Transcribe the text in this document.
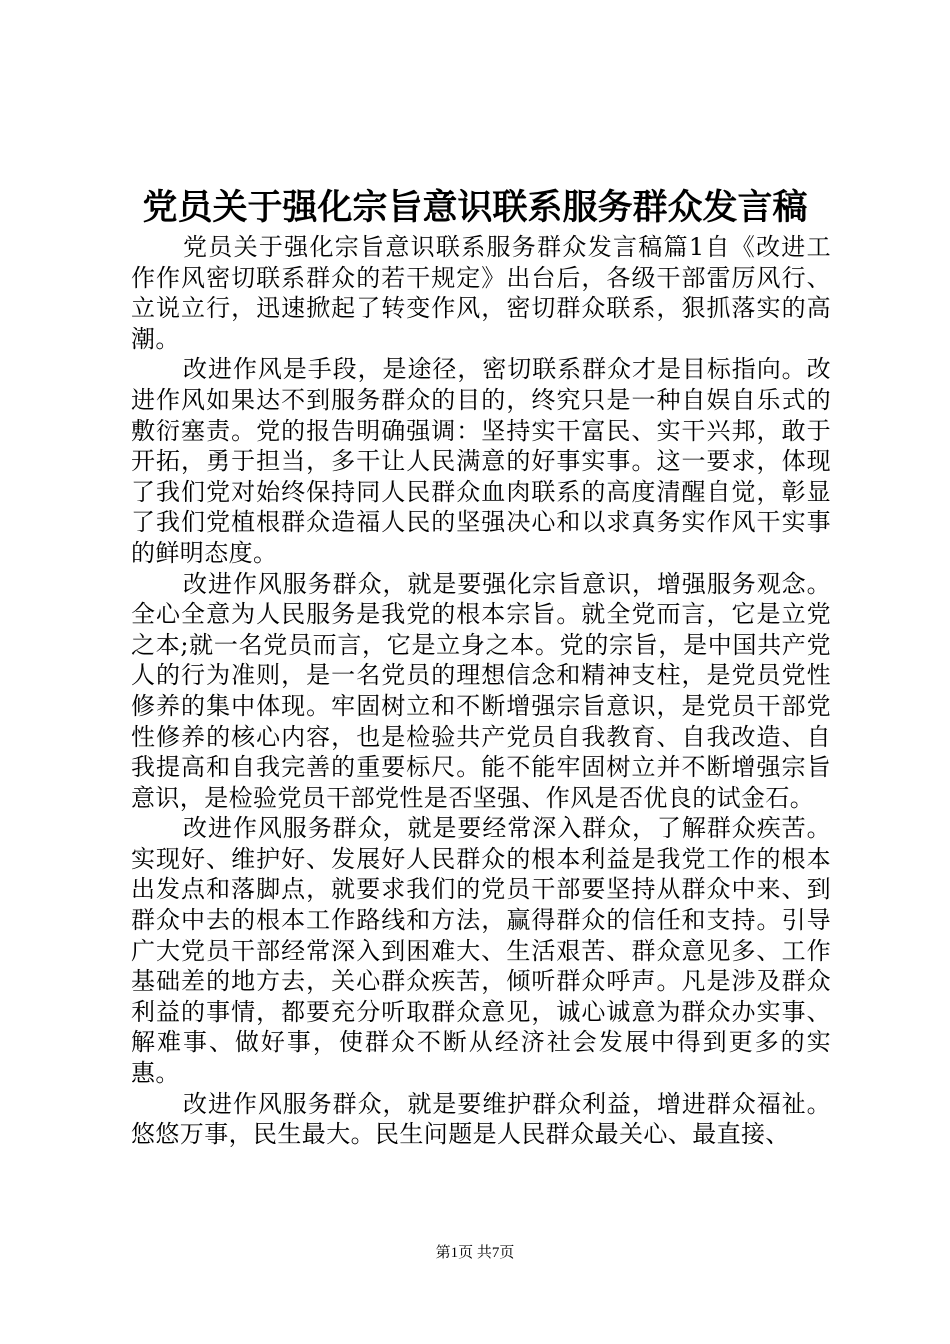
党员关于强化宗旨意识联系服务群众发言稿

党员关于强化宗旨意识联系服务群众发言稿篇1自《改进工作作风密切联系群众的若干规定》出台后，各级干部雷厉风行、立说立行，迅速掀起了转变作风，密切群众联系，狠抓落实的高潮。

改进作风是手段，是途径，密切联系群众才是目标指向。改进作风如果达不到服务群众的目的，终究只是一种自娱自乐式的敷衍塞责。党的报告明确强调：坚持实干富民、实干兴邦，敢于开拓，勇于担当，多干让人民满意的好事实事。这一要求，体现了我们党对始终保持同人民群众血肉联系的高度清醒自觉，彰显了我们党植根群众造福人民的坚强决心和以求真务实作风干实事的鲜明态度。

改进作风服务群众，就是要强化宗旨意识，增强服务观念。全心全意为人民服务是我党的根本宗旨。就全党而言，它是立党之本;就一名党员而言，它是立身之本。党的宗旨，是中国共产党人的行为准则，是一名党员的理想信念和精神支柱，是党员党性修养的集中体现。牢固树立和不断增强宗旨意识，是党员干部党性修养的核心内容，也是检验共产党员自我教育、自我改造、自我提高和自我完善的重要标尺。能不能牢固树立并不断增强宗旨意识，是检验党员干部党性是否坚强、作风是否优良的试金石。

改进作风服务群众，就是要经常深入群众，了解群众疾苦。实现好、维护好、发展好人民群众的根本利益是我党工作的根本出发点和落脚点，就要求我们的党员干部要坚持从群众中来、到群众中去的根本工作路线和方法，赢得群众的信任和支持。引导广大党员干部经常深入到困难大、生活艰苦、群众意见多、工作基础差的地方去，关心群众疾苦，倾听群众呼声。凡是涉及群众利益的事情，都要充分听取群众意见，诚心诚意为群众办实事、解难事、做好事，使群众不断从经济社会发展中得到更多的实惠。

改进作风服务群众，就是要维护群众利益，增进群众福祉。悠悠万事，民生最大。民生问题是人民群众最关心、最直接、

第1页 共7页
